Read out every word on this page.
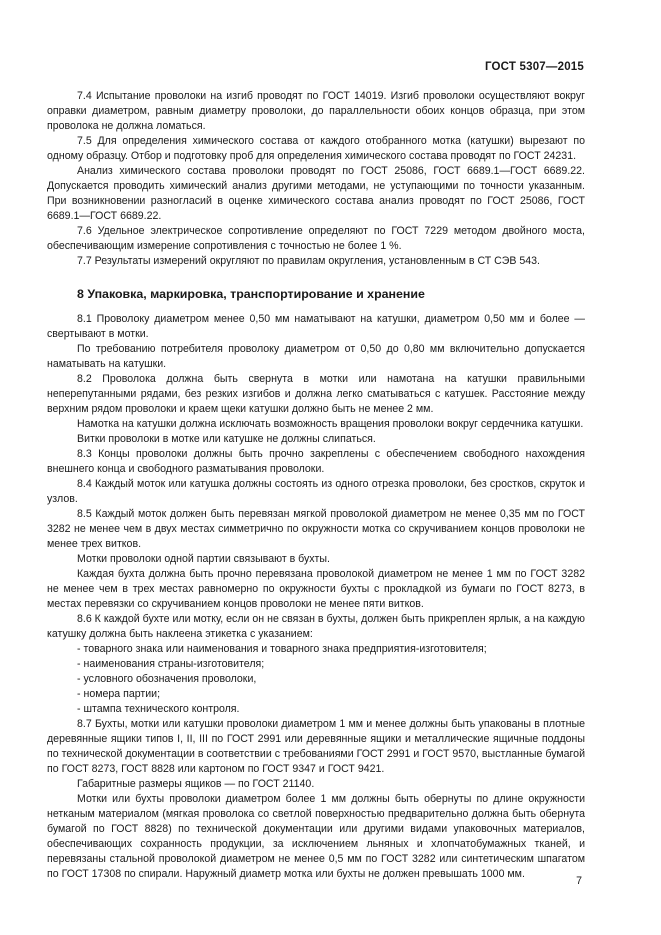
ГОСТ 5307—2015

7.4 Испытание проволоки на изгиб проводят по ГОСТ 14019. Изгиб проволоки осуществляют вокруг оправки диаметром, равным диаметру проволоки, до параллельности обоих концов образца, при этом проволока не должна ломаться.

7.5 Для определения химического состава от каждого отобранного мотка (катушки) вырезают по одному образцу. Отбор и подготовку проб для определения химического состава проводят по ГОСТ 24231.

Анализ химического состава проволоки проводят по ГОСТ 25086, ГОСТ 6689.1—ГОСТ 6689.22. Допускается проводить химический анализ другими методами, не уступающими по точности указанным. При возникновении разногласий в оценке химического состава анализ проводят по ГОСТ 25086, ГОСТ 6689.1—ГОСТ 6689.22.

7.6 Удельное электрическое сопротивление определяют по ГОСТ 7229 методом двойного моста, обеспечивающим измерение сопротивления с точностью не более 1 %.

7.7 Результаты измерений округляют по правилам округления, установленным в СТ СЭВ 543.

8 Упаковка, маркировка, транспортирование и хранение

8.1 Проволоку диаметром менее 0,50 мм наматывают на катушки, диаметром 0,50 мм и более — свертывают в мотки.

По требованию потребителя проволоку диаметром от 0,50 до 0,80 мм включительно допускается наматывать на катушки.

8.2 Проволока должна быть свернута в мотки или намотана на катушки правильными неперепутанными рядами, без резких изгибов и должна легко сматываться с катушек. Расстояние между верхним рядом проволоки и краем щеки катушки должно быть не менее 2 мм.

Намотка на катушки должна исключать возможность вращения проволоки вокруг сердечника катушки.

Витки проволоки в мотке или катушке не должны слипаться.

8.3 Концы проволоки должны быть прочно закреплены с обеспечением свободного нахождения внешнего конца и свободного разматывания проволоки.

8.4 Каждый моток или катушка должны состоять из одного отрезка проволоки, без сростков, скруток и узлов.

8.5 Каждый моток должен быть перевязан мягкой проволокой диаметром не менее 0,35 мм по ГОСТ 3282 не менее чем в двух местах симметрично по окружности мотка со скручиванием концов проволоки не менее трех витков.

Мотки проволоки одной партии связывают в бухты.

Каждая бухта должна быть прочно перевязана проволокой диаметром не менее 1 мм по ГОСТ 3282 не менее чем в трех местах равномерно по окружности бухты с прокладкой из бумаги по ГОСТ 8273, в местах перевязки со скручиванием концов проволоки не менее пяти витков.

8.6 К каждой бухте или мотку, если он не связан в бухты, должен быть прикреплен ярлык, а на каждую катушку должна быть наклеена этикетка с указанием:

- товарного знака или наименования и товарного знака предприятия-изготовителя;
- наименования страны-изготовителя;
- условного обозначения проволоки,
- номера партии;
- штампа технического контроля.

8.7 Бухты, мотки или катушки проволоки диаметром 1 мм и менее должны быть упакованы в плотные деревянные ящики типов I, II, III по ГОСТ 2991 или деревянные ящики и металлические ящичные поддоны по технической документации в соответствии с требованиями ГОСТ 2991 и ГОСТ 9570, выстланные бумагой по ГОСТ 8273, ГОСТ 8828 или картоном по ГОСТ 9347 и ГОСТ 9421.

Габаритные размеры ящиков — по ГОСТ 21140.

Мотки или бухты проволоки диаметром более 1 мм должны быть обернуты по длине окружности нетканым материалом (мягкая проволока со светлой поверхностью предварительно должна быть обернута бумагой по ГОСТ 8828) по технической документации или другими видами упаковочных материалов, обеспечивающих сохранность продукции, за исключением льняных и хлопчатобумажных тканей, и перевязаны стальной проволокой диаметром не менее 0,5 мм по ГОСТ 3282 или синтетическим шпагатом по ГОСТ 17308 по спирали. Наружный диаметр мотка или бухты не должен превышать 1000 мм.

7
